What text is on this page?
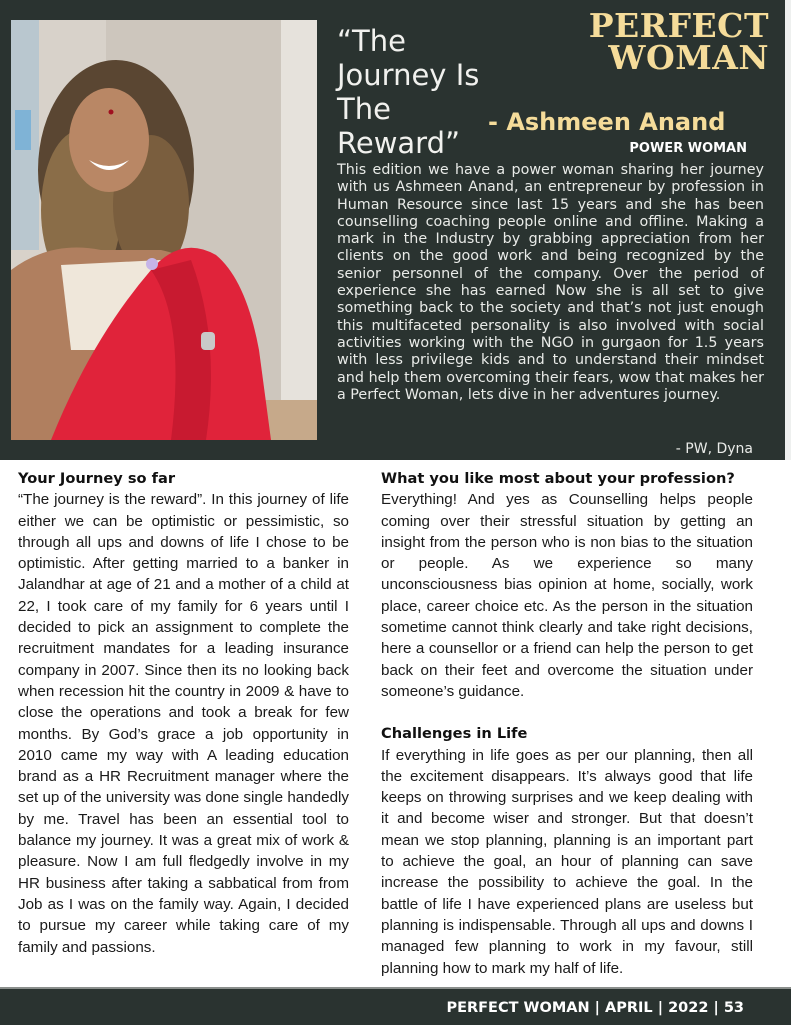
“The
Journey Is
The
Reward”
PERFECT
WOMAN
- Ashmeen Anand
POWER WOMAN
This edition we have a power woman sharing her journey with us Ashmeen Anand, an entrepreneur by profession in Human Resource since last 15 years and she has been counselling coaching people online and offline. Making a mark in the Industry by grabbing appreciation from her clients on the good work and being recognized by the senior personnel of the company. Over the period of experience she has earned Now she is all set to give something back to the society and that’s not just enough this multifaceted personality is also involved with social activities working with the NGO in gurgaon for 1.5 years with less privilege kids and to understand their mindset and help them overcoming their fears, wow that makes her a Perfect Woman, lets dive in her adventures journey.
- PW, Dyna
Your Journey so far

“The journey is the reward”. In this journey of life either we can be optimistic or pessimistic, so through all ups and downs of life I chose to be optimistic. After getting married to a banker in Jalandhar at age of 21 and a mother of a child at 22, I took care of my family for 6 years until I decided to pick an assignment to complete the recruitment mandates for a leading insurance company in 2007. Since then its no looking back when recession hit the country in 2009 & have to close the operations and took a break for few months. By God’s grace a job opportunity in 2010 came my way with A leading education brand as a HR Recruitment manager where the set up of the university was done single handedly by me. Travel has been an essential tool to balance my journey. It was a great mix of work & pleasure. Now I am full fledgedly involve in my HR business after taking a sabbatical from from Job as I was on the family way. Again, I decided to pursue my career while taking care of my family and passions.

What you like most about your profession?

Everything! And yes as Counselling helps people coming over their stressful situation by getting an insight from the person who is non bias to the situation or people. As we experience so many unconsciousness bias opinion at home, socially, work place, career choice etc. As the person in the situation sometime cannot think clearly and take right decisions, here a counsellor or a friend can help the person to get back on their feet and overcome the situation under someone’s guidance.

Challenges in Life

If everything in life goes as per our planning, then all the excitement disappears. It’s always good that life keeps on throwing surprises and we keep dealing with it and become wiser and stronger. But that doesn’t mean we stop planning, planning is an important part to achieve the goal, an hour of planning can save increase the possibility to achieve the goal. In the battle of life I have experienced plans are useless but planning is indispensable. Through all ups and downs I managed few planning to work in my favour, still planning how to mark my half of life.

PERFECT WOMAN | APRIL | 2022 | 53
